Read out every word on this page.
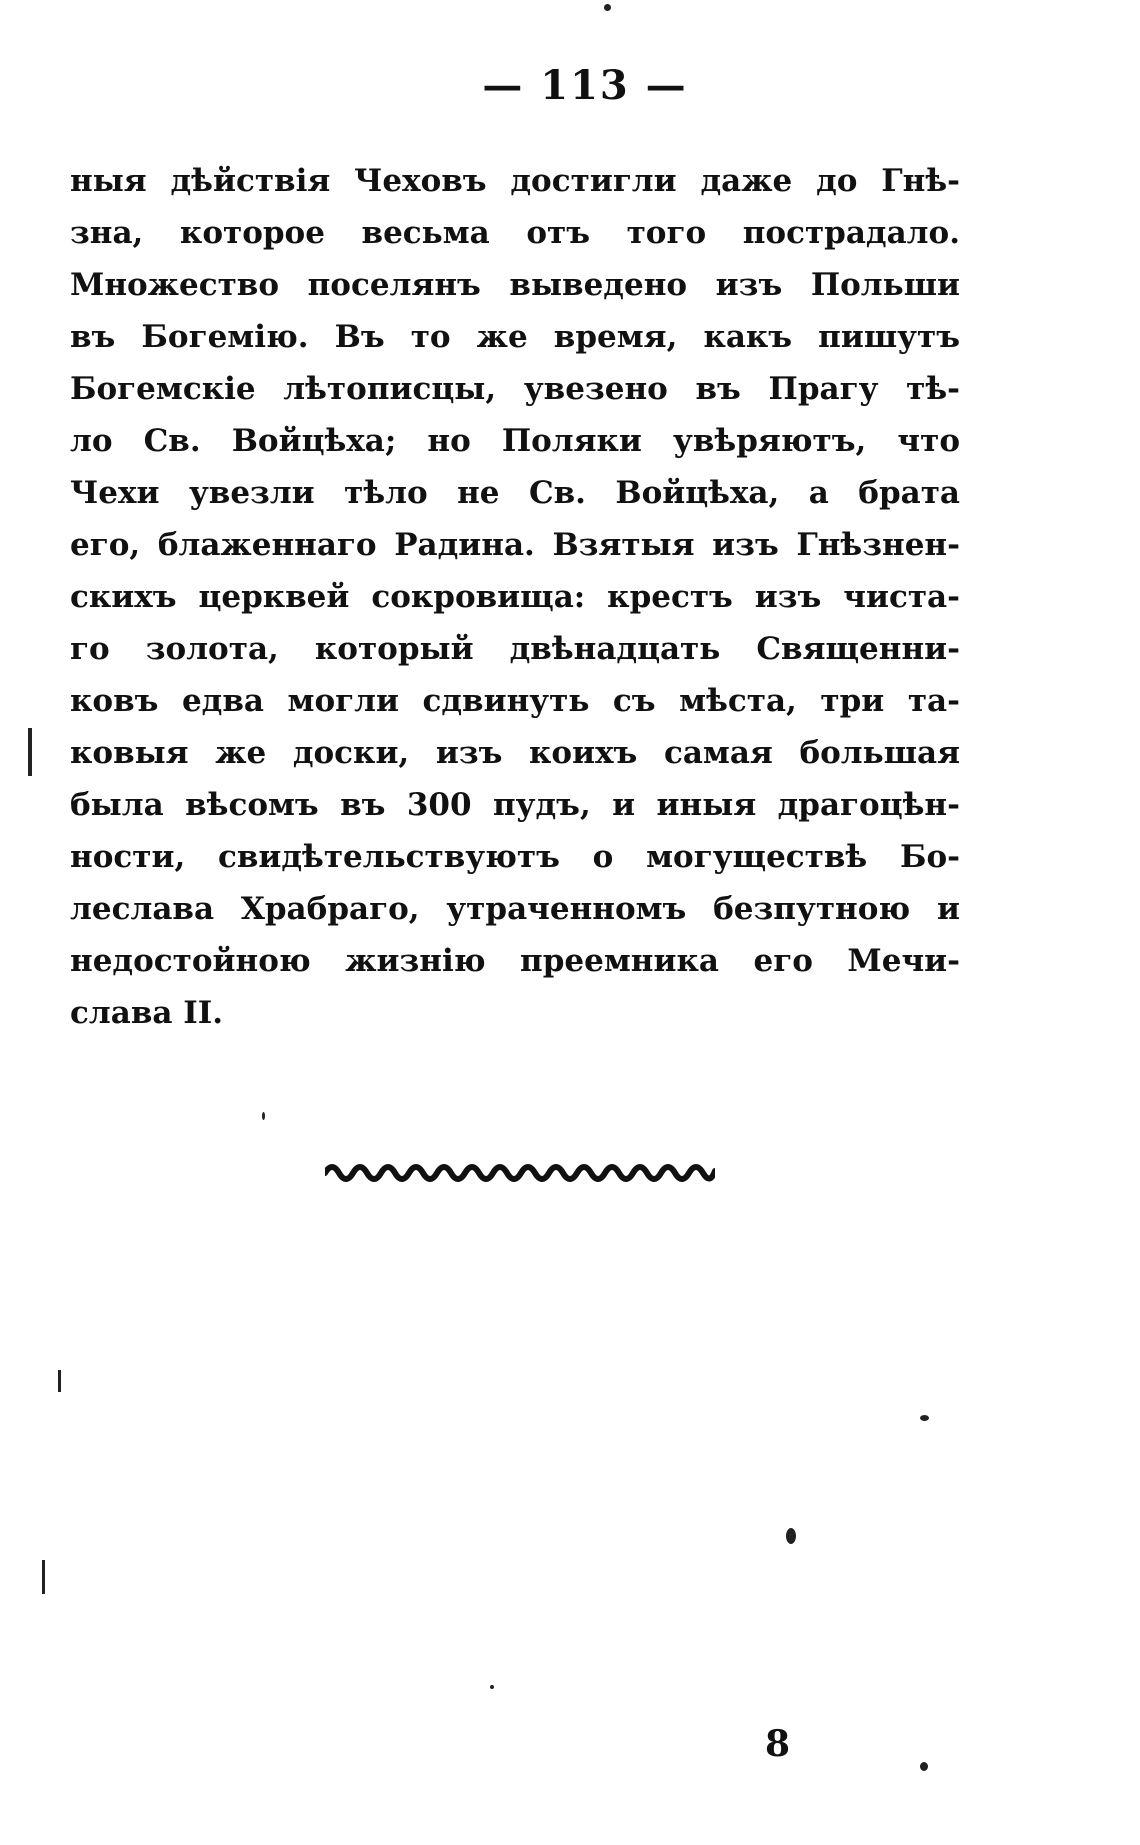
— 113 —
ныя дѣйствія Чеховъ достигли даже до Гнѣ-
зна, которое весьма отъ того пострадало.
Множество поселянъ выведено изъ Польши
въ Богемію. Въ то же время, какъ пишутъ
Богемскіе лѣтописцы, увезено въ Прагу тѣ-
ло Св. Войцѣха; но Поляки увѣряютъ, что
Чехи увезли тѣло не Св. Войцѣха, а брата
его, блаженнаго Радина. Взятыя изъ Гнѣзнен-
скихъ церквей сокровища: крестъ изъ чиста-
го золота, который двѣнадцать Священни-
ковъ едва могли сдвинуть съ мѣста, три та-
ковыя же доски, изъ коихъ самая большая
была вѣсомъ въ 300 пудъ, и иныя драгоцѣн-
ности, свидѣтельствуютъ о могуществѣ Бо-
леслава Храбраго, утраченномъ безпутною и
недостойною жизнію преемника его Мечи-
слава II.
8
